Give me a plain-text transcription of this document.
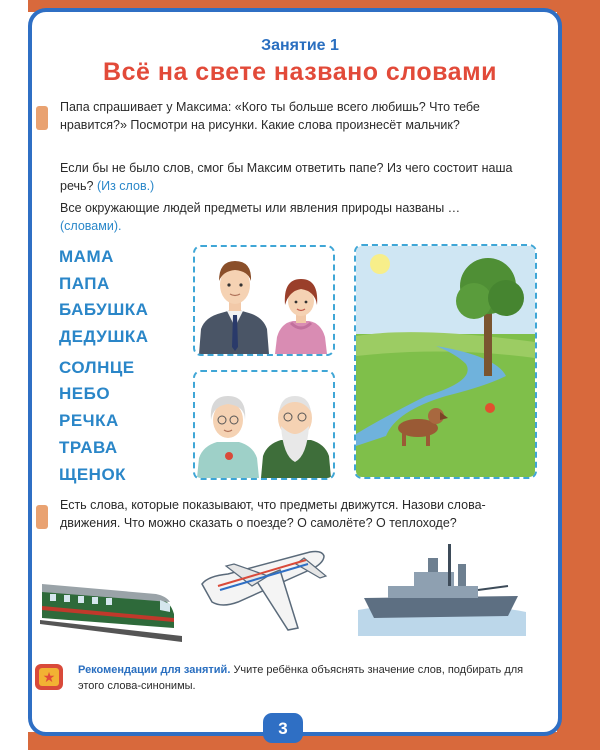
Занятие 1
Всё на свете названо словами
Папа спрашивает у Максима: «Кого ты больше всего любишь? Что тебе нравится?» Посмотри на рисунки. Какие слова произнесёт мальчик?
Если бы не было слов, смог бы Максим ответить папе? Из чего состоит наша речь? (Из слов.)
Все окружающие людей предметы или явления природы названы …
(словами).
МАМА
ПАПА
БАБУШКА
ДЕДУШКА
СОЛНЦЕ
НЕБО
РЕЧКА
ТРАВА
ЩЕНОК
Есть слова, которые показывают, что предметы движутся. Назови слова-движения. Что можно сказать о поезде? О самолёте? О теплоходе?
★	Рекомендации для занятий. Учите ребёнка объяснять значение слов, подбирать для этого слова-синонимы.
3
